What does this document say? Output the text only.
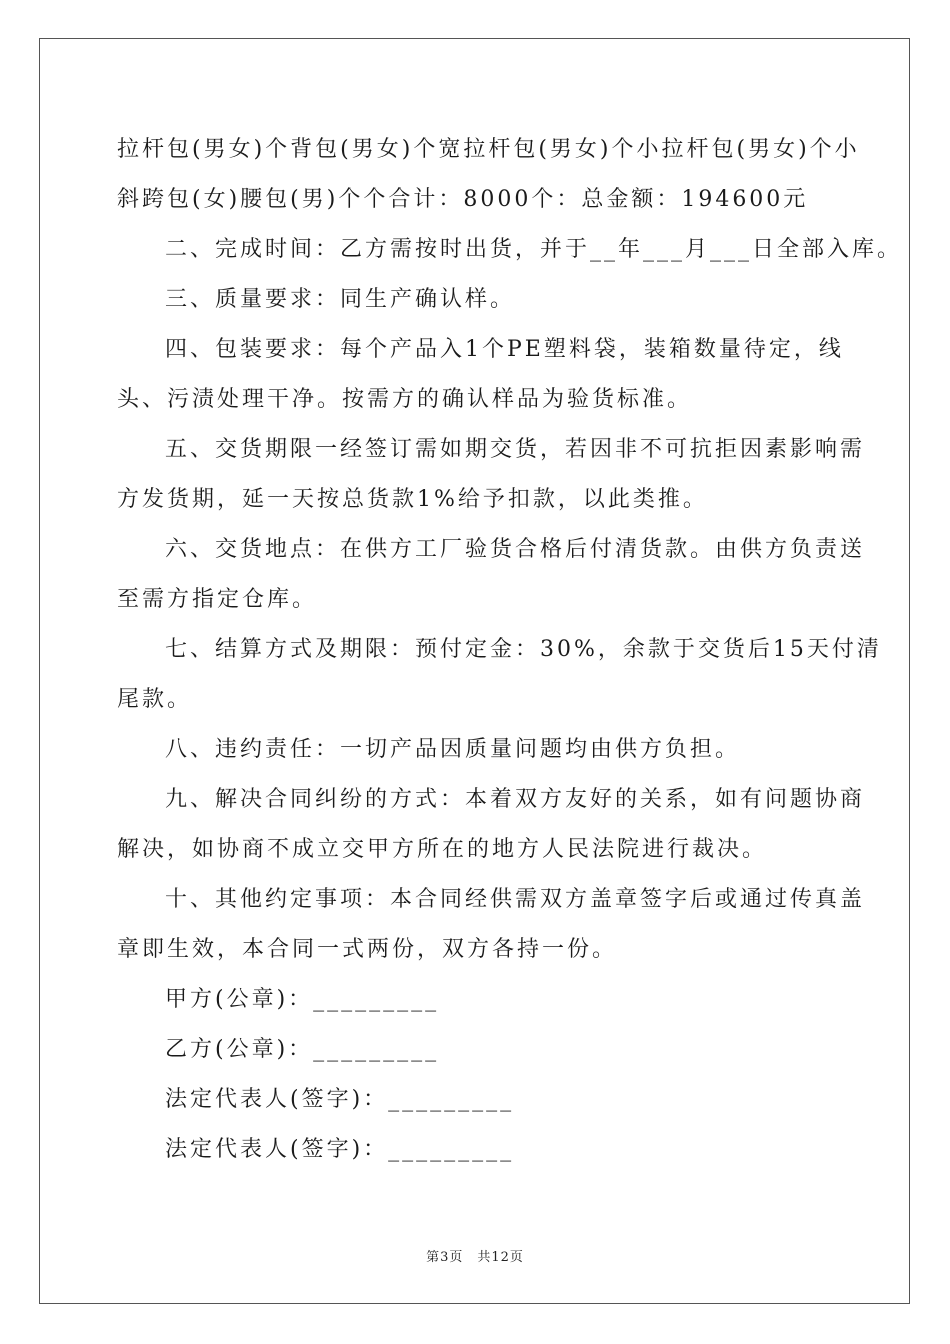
拉杆包(男女)个背包(男女)个宽拉杆包(男女)个小拉杆包(男女)个小
斜跨包(女)腰包(男)个个合计：8000个：总金额：194600元
二、完成时间：乙方需按时出货，并于__年___月___日全部入库。
三、质量要求：同生产确认样。
四、包装要求：每个产品入1个PE塑料袋，装箱数量待定，线
头、污渍处理干净。按需方的确认样品为验货标准。
五、交货期限一经签订需如期交货，若因非不可抗拒因素影响需
方发货期，延一天按总货款1%给予扣款，以此类推。
六、交货地点：在供方工厂验货合格后付清货款。由供方负责送
至需方指定仓库。
七、结算方式及期限：预付定金：30%，余款于交货后15天付清
尾款。
八、违约责任：一切产品因质量问题均由供方负担。
九、解决合同纠纷的方式：本着双方友好的关系，如有问题协商
解决，如协商不成立交甲方所在的地方人民法院进行裁决。
十、其他约定事项：本合同经供需双方盖章签字后或通过传真盖
章即生效，本合同一式两份，双方各持一份。
甲方(公章)：_________
乙方(公章)：_________
法定代表人(签字)：_________
法定代表人(签字)：_________
第3页 共12页
